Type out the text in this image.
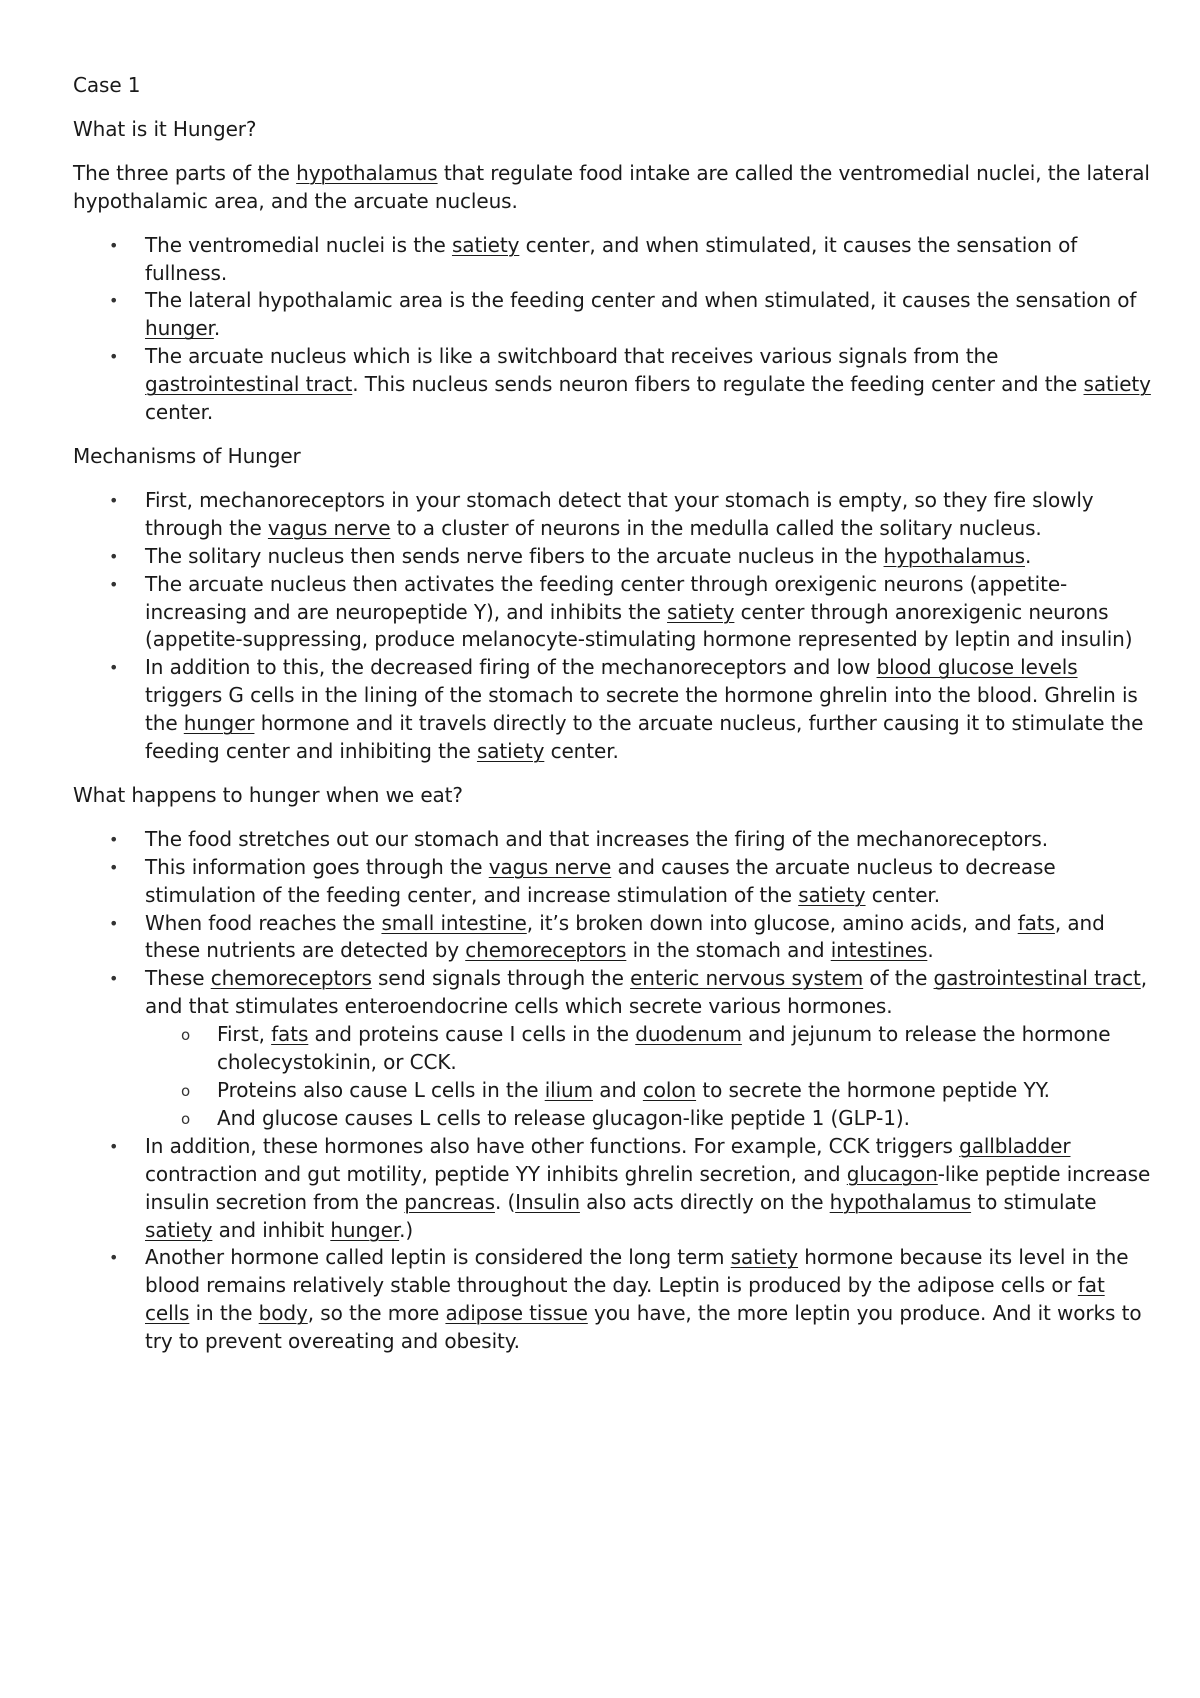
Case 1
What is it Hunger?
The three parts of the hypothalamus that regulate food intake are called the ventromedial nuclei, the lateral hypothalamic area, and the arcuate nucleus.
• The ventromedial nuclei is the satiety center, and when stimulated, it causes the sensation of fullness.
• The lateral hypothalamic area is the feeding center and when stimulated, it causes the sensation of hunger.
• The arcuate nucleus which is like a switchboard that receives various signals from the gastrointestinal tract. This nucleus sends neuron fibers to regulate the feeding center and the satiety center.
Mechanisms of Hunger
• First, mechanoreceptors in your stomach detect that your stomach is empty, so they fire slowly through the vagus nerve to a cluster of neurons in the medulla called the solitary nucleus.
• The solitary nucleus then sends nerve fibers to the arcuate nucleus in the hypothalamus.
• The arcuate nucleus then activates the feeding center through orexigenic neurons (appetite-increasing and are neuropeptide Y), and inhibits the satiety center through anorexigenic neurons (appetite-suppressing, produce melanocyte-stimulating hormone represented by leptin and insulin)
• In addition to this, the decreased firing of the mechanoreceptors and low blood glucose levels triggers G cells in the lining of the stomach to secrete the hormone ghrelin into the blood. Ghrelin is the hunger hormone and it travels directly to the arcuate nucleus, further causing it to stimulate the feeding center and inhibiting the satiety center.
What happens to hunger when we eat?
• The food stretches out our stomach and that increases the firing of the mechanoreceptors.
• This information goes through the vagus nerve and causes the arcuate nucleus to decrease stimulation of the feeding center, and increase stimulation of the satiety center.
• When food reaches the small intestine, it’s broken down into glucose, amino acids, and fats, and these nutrients are detected by chemoreceptors in the stomach and intestines.
• These chemoreceptors send signals through the enteric nervous system of the gastrointestinal tract, and that stimulates enteroendocrine cells which secrete various hormones.
o First, fats and proteins cause I cells in the duodenum and jejunum to release the hormone cholecystokinin, or CCK.
o Proteins also cause L cells in the ilium and colon to secrete the hormone peptide YY.
o And glucose causes L cells to release glucagon-like peptide 1 (GLP-1).
• In addition, these hormones also have other functions. For example, CCK triggers gallbladder contraction and gut motility, peptide YY inhibits ghrelin secretion, and glucagon-like peptide increase insulin secretion from the pancreas. (Insulin also acts directly on the hypothalamus to stimulate satiety and inhibit hunger.)
• Another hormone called leptin is considered the long term satiety hormone because its level in the blood remains relatively stable throughout the day. Leptin is produced by the adipose cells or fat cells in the body, so the more adipose tissue you have, the more leptin you produce. And it works to try to prevent overeating and obesity.
